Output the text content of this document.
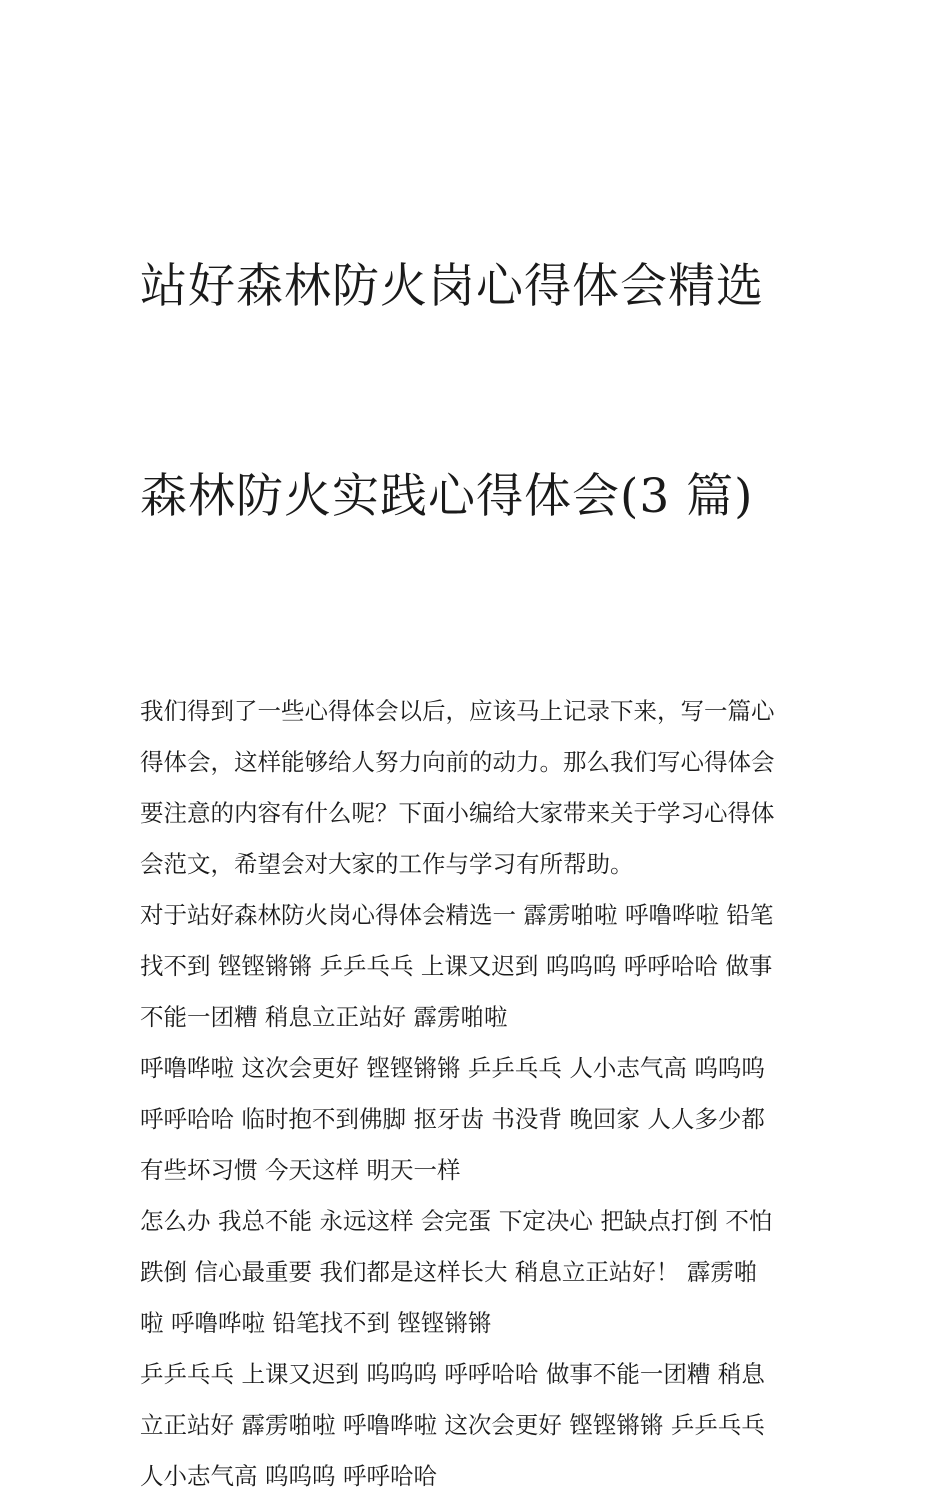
站好森林防火岗心得体会精选

森林防火实践心得体会(3 篇)

我们得到了一些心得体会以后，应该马上记录下来，写一篇心
得体会，这样能够给人努力向前的动力。那么我们写心得体会
要注意的内容有什么呢？下面小编给大家带来关于学习心得体
会范文，希望会对大家的工作与学习有所帮助。

对于站好森林防火岗心得体会精选一 霹雳啪啦 呼噜哗啦 铅笔
找不到 铿铿锵锵 乒乒乓乓 上课又迟到 呜呜呜 呼呼哈哈 做事
不能一团糟 稍息立正站好 霹雳啪啦

呼噜哗啦 这次会更好 铿铿锵锵 乒乒乓乓 人小志气高 呜呜呜
呼呼哈哈 临时抱不到佛脚 抠牙齿 书没背 晚回家 人人多少都
有些坏习惯 今天这样 明天一样

怎么办 我总不能 永远这样 会完蛋 下定决心 把缺点打倒 不怕
跌倒 信心最重要 我们都是这样长大 稍息立正站好！ 霹雳啪
啦 呼噜哗啦 铅笔找不到 铿铿锵锵

乒乒乓乓 上课又迟到 呜呜呜 呼呼哈哈 做事不能一团糟 稍息
立正站好 霹雳啪啦 呼噜哗啦 这次会更好 铿铿锵锵 乒乒乓乓
人小志气高 呜呜呜 呼呼哈哈
